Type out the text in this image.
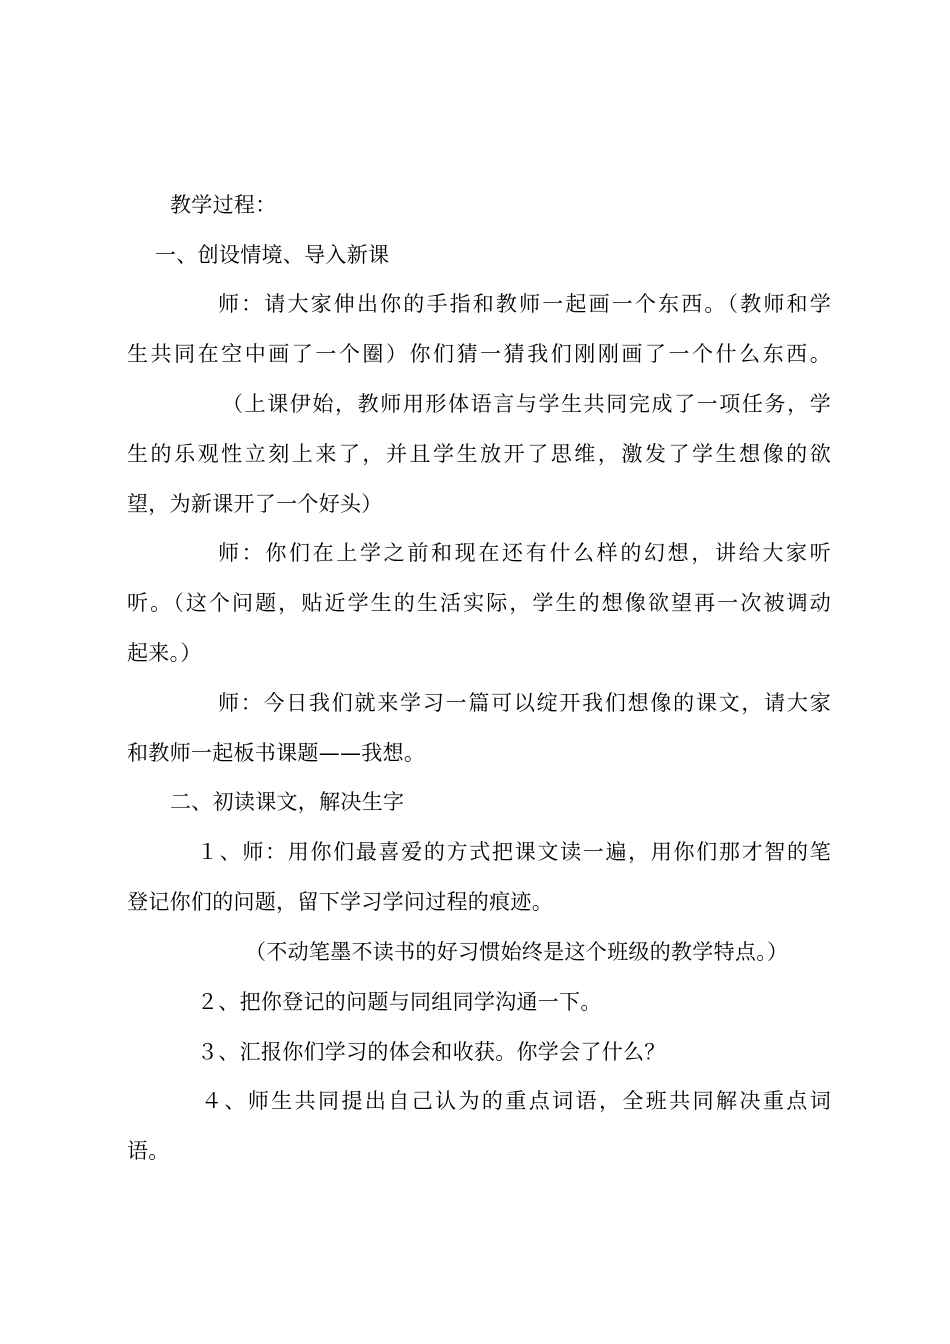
教学过程：
一、创设情境、导入新课
师：请大家伸出你的手指和教师一起画一个东西。（教师和学
生共同在空中画了一个圈）你们猜一猜我们刚刚画了一个什么东西。
（上课伊始，教师用形体语言与学生共同完成了一项任务，学
生的乐观性立刻上来了，并且学生放开了思维，激发了学生想像的欲
望，为新课开了一个好头）
师：你们在上学之前和现在还有什么样的幻想，讲给大家听
听。（这个问题，贴近学生的生活实际，学生的想像欲望再一次被调动
起来。）
师：今日我们就来学习一篇可以绽开我们想像的课文，请大家
和教师一起板书课题——我想。
二、初读课文，解决生字
１、师：用你们最喜爱的方式把课文读一遍，用你们那才智的笔
登记你们的问题，留下学习学问过程的痕迹。
（不动笔墨不读书的好习惯始终是这个班级的教学特点。）
２、把你登记的问题与同组同学沟通一下。
３、汇报你们学习的体会和收获。你学会了什么？
４、师生共同提出自己认为的重点词语，全班共同解决重点词
语。
